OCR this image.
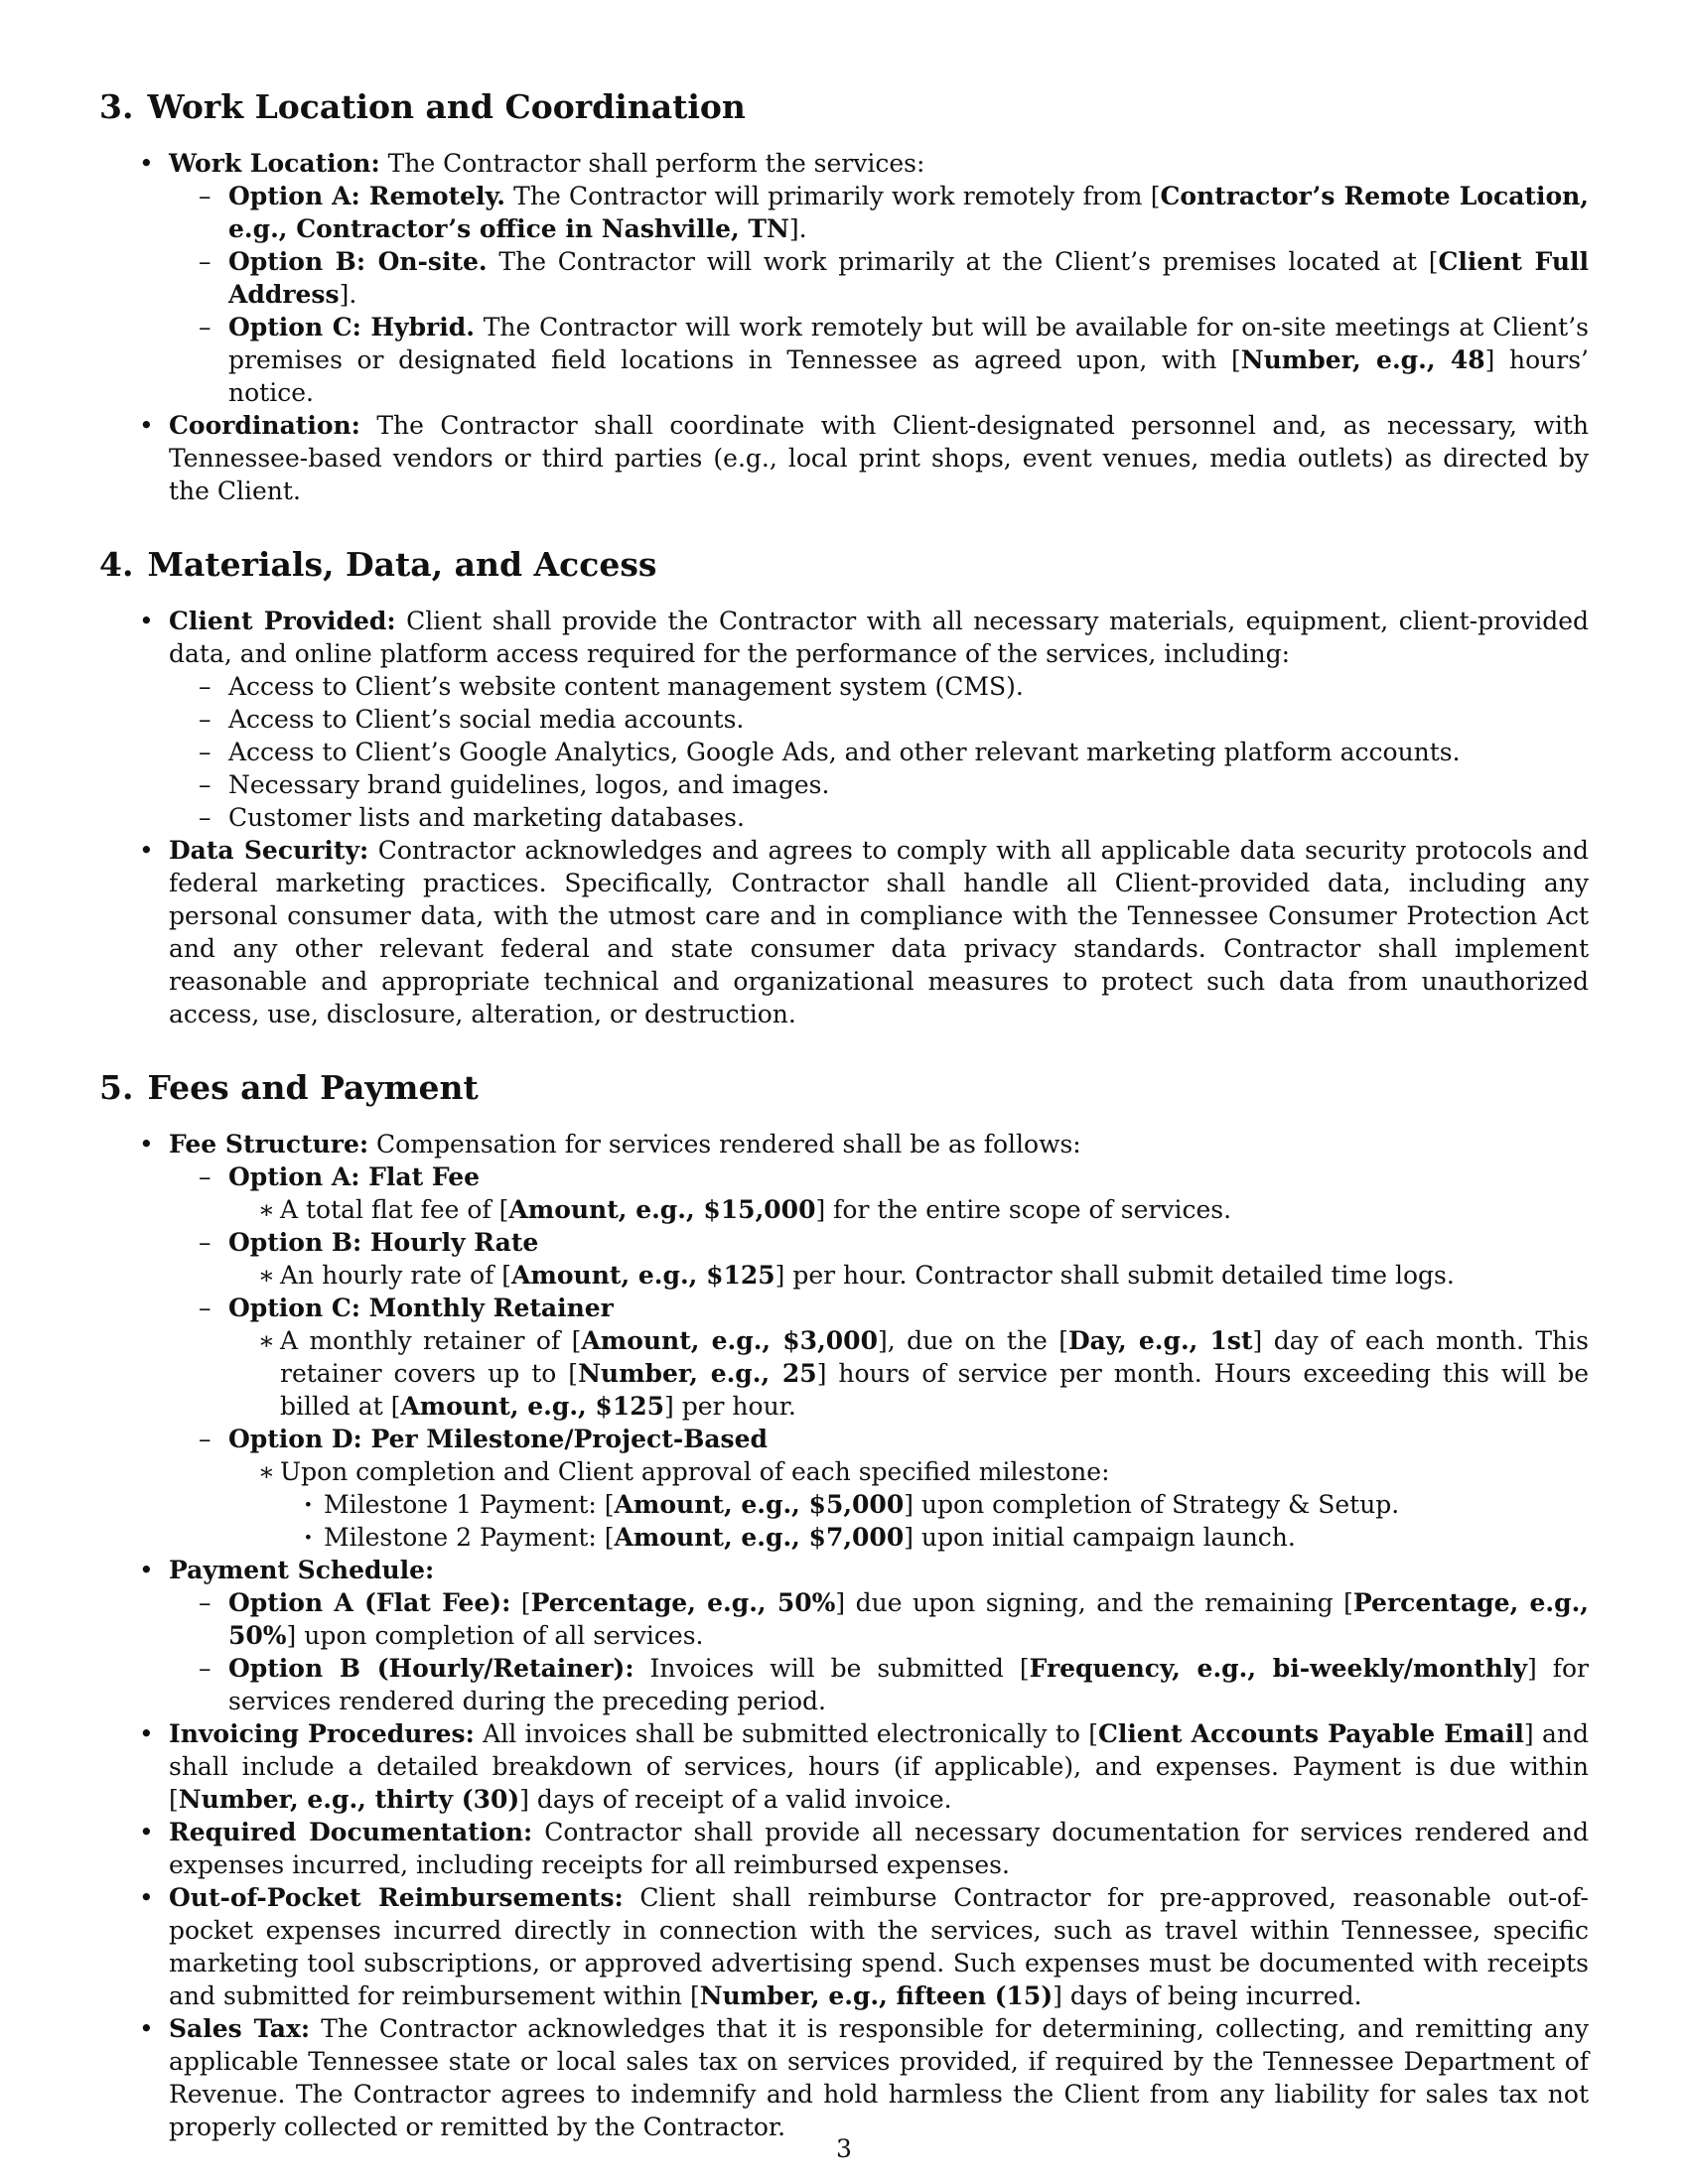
3. Work Location and Coordination
• Work Location: The Contractor shall perform the services:
– Option A: Remotely. The Contractor will primarily work remotely from [Contractor’s Remote Location, e.g., Contractor’s office in Nashville, TN].
– Option B: On-site. The Contractor will work primarily at the Client’s premises located at [Client Full Address].
– Option C: Hybrid. The Contractor will work remotely but will be available for on-site meetings at Client’s premises or designated field locations in Tennessee as agreed upon, with [Number, e.g., 48] hours’ notice.
• Coordination: The Contractor shall coordinate with Client-designated personnel and, as necessary, with Tennessee-based vendors or third parties (e.g., local print shops, event venues, media outlets) as directed by the Client.
4. Materials, Data, and Access
• Client Provided: Client shall provide the Contractor with all necessary materials, equipment, client-provided data, and online platform access required for the performance of the services, including:
– Access to Client’s website content management system (CMS).
– Access to Client’s social media accounts.
– Access to Client’s Google Analytics, Google Ads, and other relevant marketing platform accounts.
– Necessary brand guidelines, logos, and images.
– Customer lists and marketing databases.
• Data Security: Contractor acknowledges and agrees to comply with all applicable data security protocols and federal marketing practices. Specifically, Contractor shall handle all Client-provided data, including any personal consumer data, with the utmost care and in compliance with the Tennessee Consumer Protection Act and any other relevant federal and state consumer data privacy standards. Contractor shall implement reasonable and appropriate technical and organizational measures to protect such data from unauthorized access, use, disclosure, alteration, or destruction.
5. Fees and Payment
• Fee Structure: Compensation for services rendered shall be as follows:
– Option A: Flat Fee
∗ A total flat fee of [Amount, e.g., $15,000] for the entire scope of services.
– Option B: Hourly Rate
∗ An hourly rate of [Amount, e.g., $125] per hour. Contractor shall submit detailed time logs.
– Option C: Monthly Retainer
∗ A monthly retainer of [Amount, e.g., $3,000], due on the [Day, e.g., 1st] day of each month. This retainer covers up to [Number, e.g., 25] hours of service per month. Hours exceeding this will be billed at [Amount, e.g., $125] per hour.
– Option D: Per Milestone/Project-Based
∗ Upon completion and Client approval of each specified milestone:
· Milestone 1 Payment: [Amount, e.g., $5,000] upon completion of Strategy & Setup.
· Milestone 2 Payment: [Amount, e.g., $7,000] upon initial campaign launch.
• Payment Schedule:
– Option A (Flat Fee): [Percentage, e.g., 50%] due upon signing, and the remaining [Percentage, e.g., 50%] upon completion of all services.
– Option B (Hourly/Retainer): Invoices will be submitted [Frequency, e.g., bi-weekly/monthly] for services rendered during the preceding period.
• Invoicing Procedures: All invoices shall be submitted electronically to [Client Accounts Payable Email] and shall include a detailed breakdown of services, hours (if applicable), and expenses. Payment is due within [Number, e.g., thirty (30)] days of receipt of a valid invoice.
• Required Documentation: Contractor shall provide all necessary documentation for services rendered and expenses incurred, including receipts for all reimbursed expenses.
• Out-of-Pocket Reimbursements: Client shall reimburse Contractor for pre-approved, reasonable out-of-pocket expenses incurred directly in connection with the services, such as travel within Tennessee, specific marketing tool subscriptions, or approved advertising spend. Such expenses must be documented with receipts and submitted for reimbursement within [Number, e.g., fifteen (15)] days of being incurred.
• Sales Tax: The Contractor acknowledges that it is responsible for determining, collecting, and remitting any applicable Tennessee state or local sales tax on services provided, if required by the Tennessee Department of Revenue. The Contractor agrees to indemnify and hold harmless the Client from any liability for sales tax not properly collected or remitted by the Contractor.
3
